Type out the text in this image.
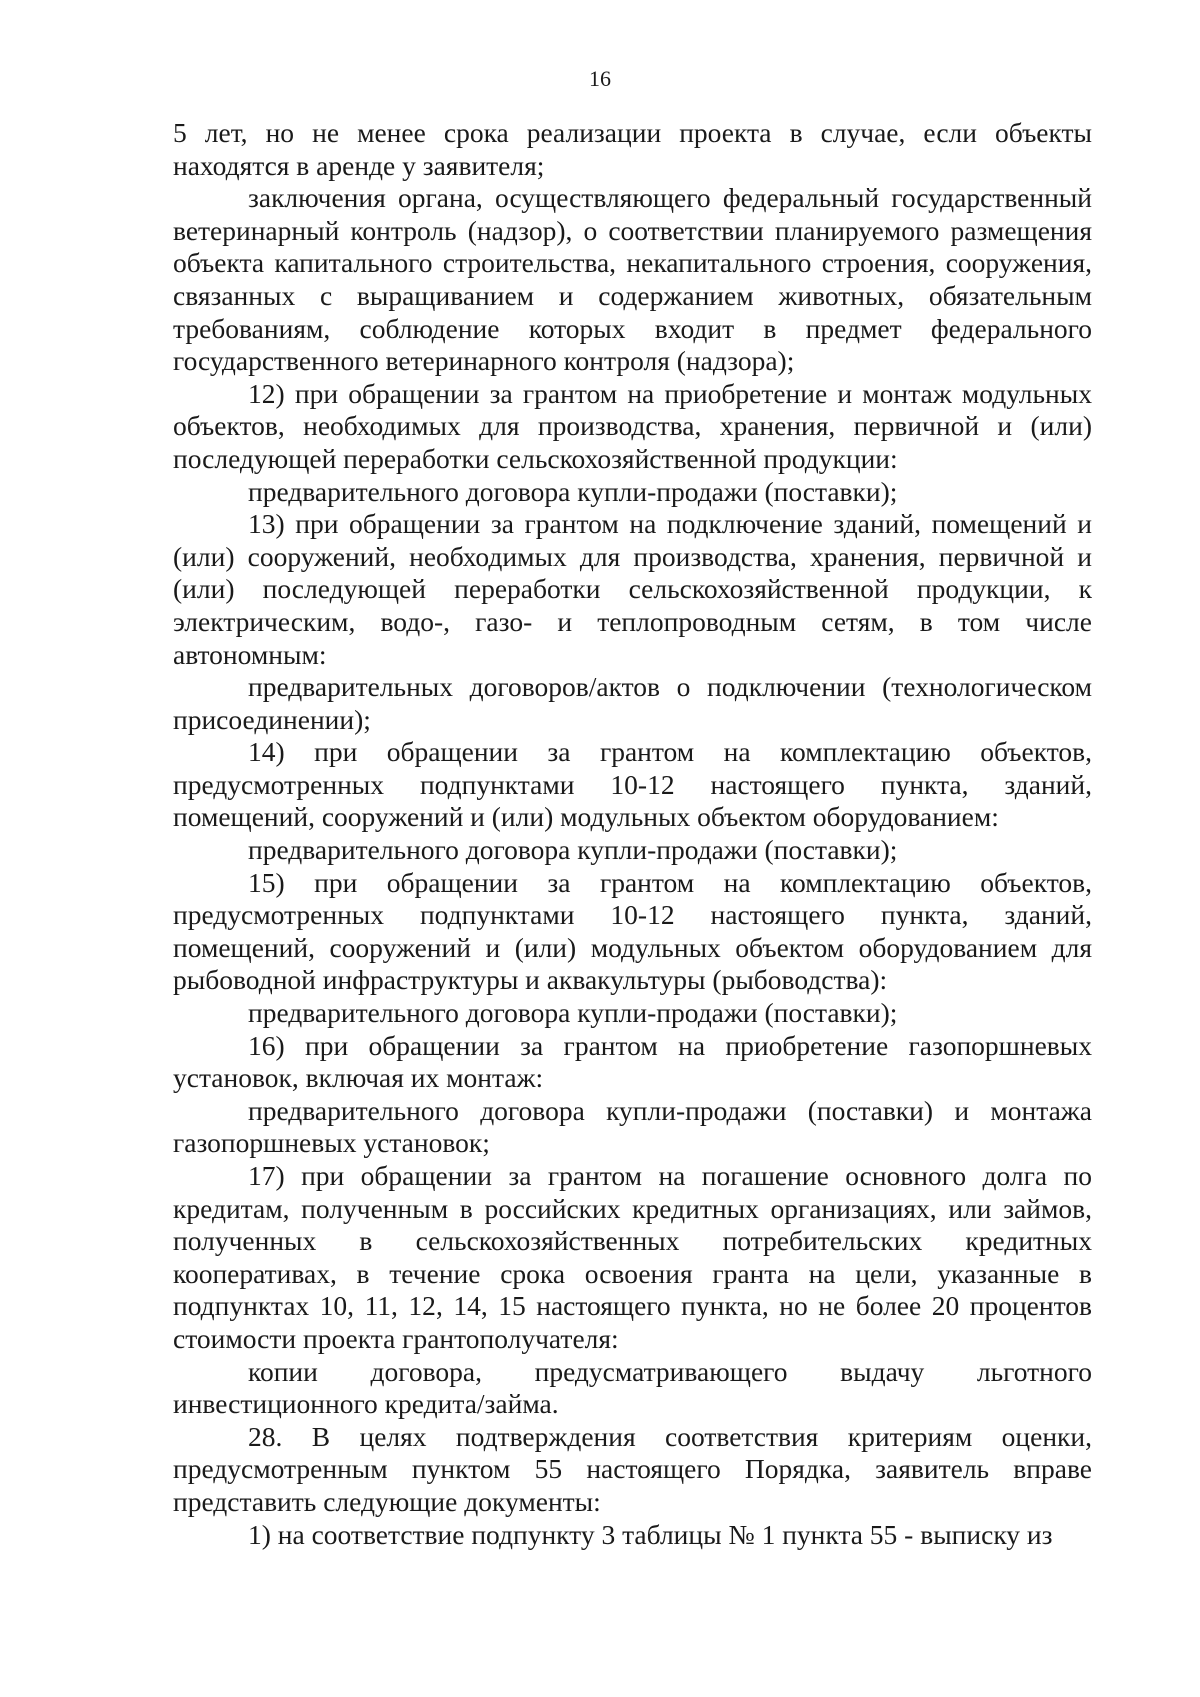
16

5 лет, но не менее срока реализации проекта в случае, если объекты находятся в аренде у заявителя;

заключения органа, осуществляющего федеральный государственный ветеринарный контроль (надзор), о соответствии планируемого размещения объекта капитального строительства, некапитального строения, сооружения, связанных с выращиванием и содержанием животных, обязательным требованиям, соблюдение которых входит в предмет федерального государственного ветеринарного контроля (надзора);

12) при обращении за грантом на приобретение и монтаж модульных объектов, необходимых для производства, хранения, первичной и (или) последующей переработки сельскохозяйственной продукции:

предварительного договора купли-продажи (поставки);

13) при обращении за грантом на подключение зданий, помещений и (или) сооружений, необходимых для производства, хранения, первичной и (или) последующей переработки сельскохозяйственной продукции, к электрическим, водо-, газо- и теплопроводным сетям, в том числе автономным:

предварительных договоров/актов о подключении (технологическом присоединении);

14) при обращении за грантом на комплектацию объектов, предусмотренных подпунктами 10-12 настоящего пункта, зданий, помещений, сооружений и (или) модульных объектом оборудованием:

предварительного договора купли-продажи (поставки);

15) при обращении за грантом на комплектацию объектов, предусмотренных подпунктами 10-12 настоящего пункта, зданий, помещений, сооружений и (или) модульных объектом оборудованием для рыбоводной инфраструктуры и аквакультуры (рыбоводства):

предварительного договора купли-продажи (поставки);

16) при обращении за грантом на приобретение газопоршневых установок, включая их монтаж:

предварительного договора купли-продажи (поставки) и монтажа газопоршневых установок;

17) при обращении за грантом на погашение основного долга по кредитам, полученным в российских кредитных организациях, или займов, полученных в сельскохозяйственных потребительских кредитных кооперативах, в течение срока освоения гранта на цели, указанные в подпунктах 10, 11, 12, 14, 15 настоящего пункта, но не более 20 процентов стоимости проекта грантополучателя:

копии договора, предусматривающего выдачу льготного инвестиционного кредита/займа.

28. В целях подтверждения соответствия критериям оценки, предусмотренным пунктом 55 настоящего Порядка, заявитель вправе представить следующие документы:

1) на соответствие подпункту 3 таблицы № 1 пункта 55 - выписку из
